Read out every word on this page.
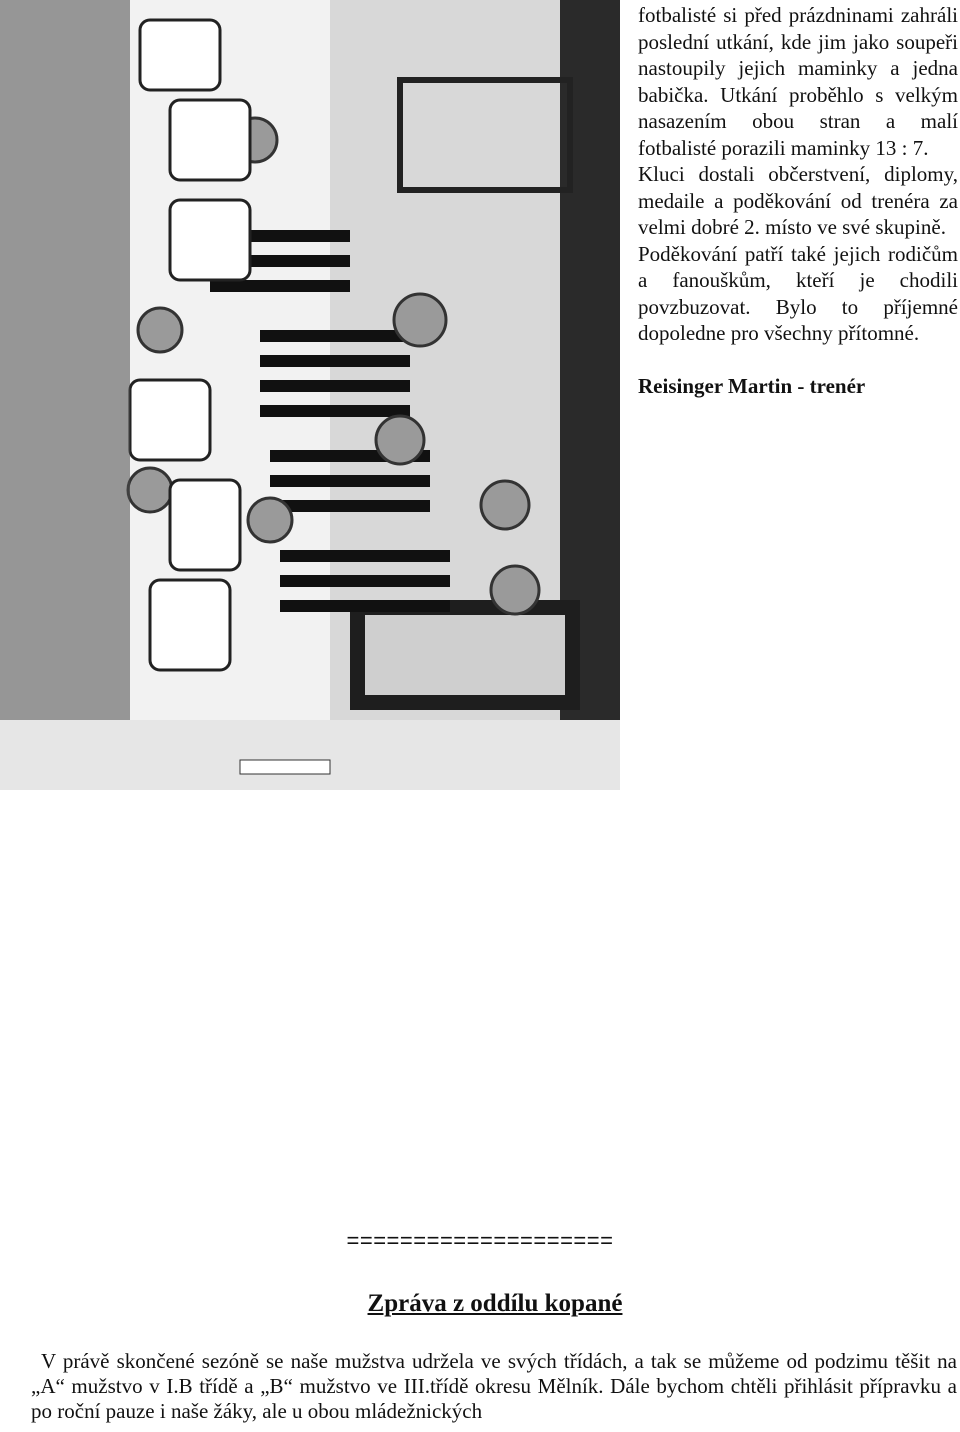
fotbalisté si před prázdninami zahráli poslední utkání, kde jim jako soupeři nastoupily jejich maminky a jedna babička. Utkání proběhlo s velkým nasazením obou stran a malí fotbalisté porazili maminky 13 : 7.

Kluci dostali občerstvení, diplomy, medaile a poděkování od trenéra za velmi dobré 2. místo ve své skupině.

Poděkování patří také jejich rodičům a fanouškům, kteří je chodili povzbuzovat. Bylo to příjemné dopoledne pro všechny přítomné.

Reisinger Martin - trenér

====================
Zpráva z oddílu kopané

V právě skončené sezóně se naše mužstva udržela ve svých třídách, a tak se můžeme od podzimu těšit na „A“ mužstvo v I.B třídě a „B“ mužstvo ve III.třídě okresu Mělník. Dále bychom chtěli přihlásit přípravku a po roční pauze i naše žáky, ale u obou mládežnických
